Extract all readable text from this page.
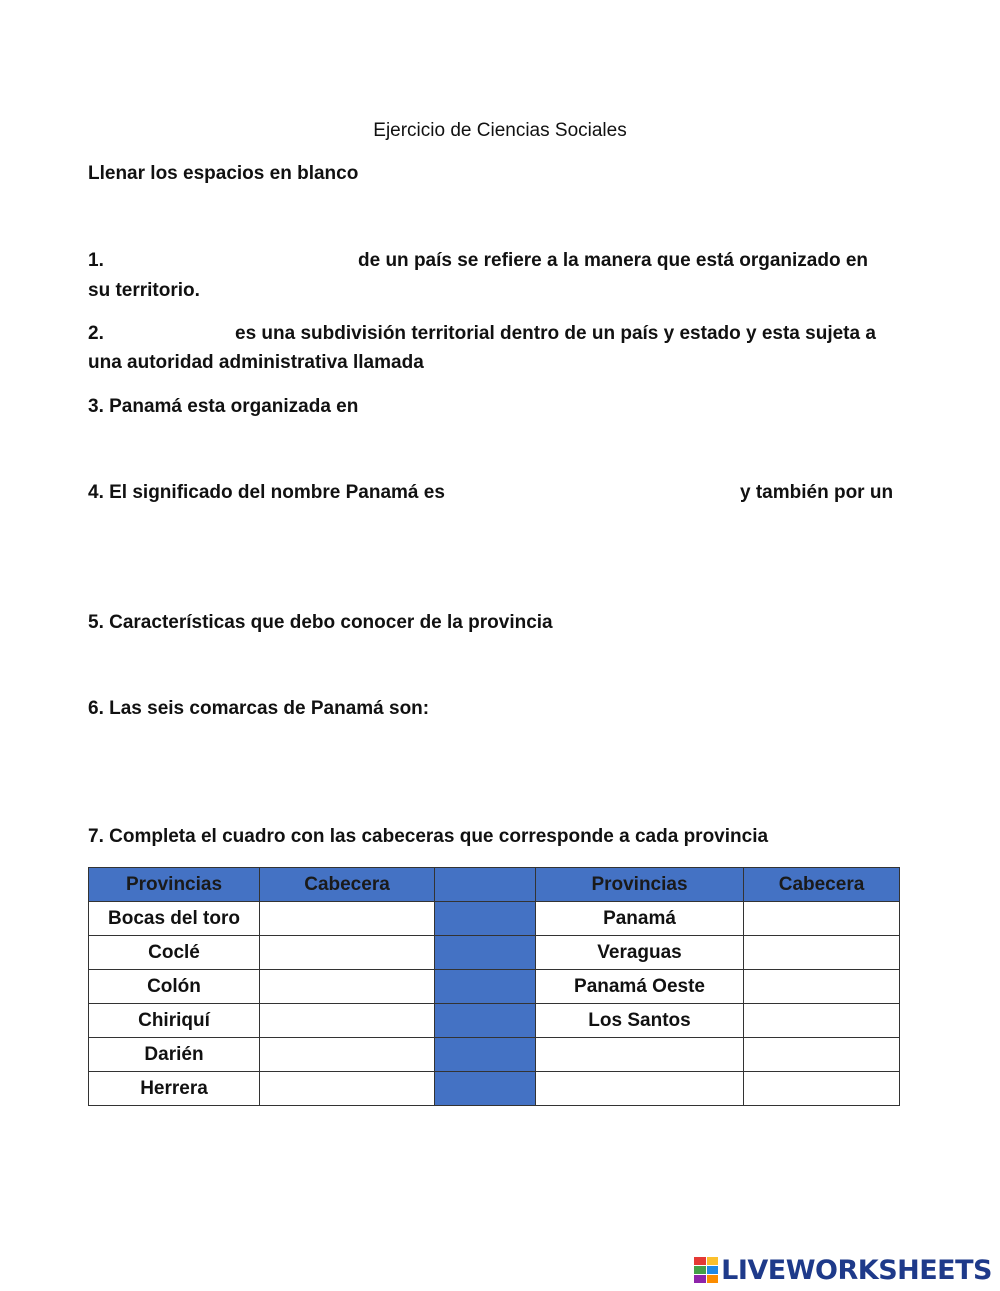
Ejercicio de Ciencias Sociales
Llenar los espacios en blanco
1.	de un país se refiere a la manera que está organizado en
su territorio.
2.	es una subdivisión territorial dentro de un país y estado y esta sujeta a
una autoridad administrativa llamada
3. Panamá esta organizada en
4. El significado del nombre Panamá es	y también por un
5. Características que debo conocer de la provincia
6. Las seis comarcas de Panamá son:
7. Completa el cuadro con las cabeceras que corresponde a cada provincia
Provincias	Cabecera		Provincias	Cabecera
Bocas del toro			Panamá	
Coclé			Veraguas	
Colón			Panamá Oeste	
Chiriquí			Los Santos	
Darién				
Herrera				
LIVEWORKSHEETS
